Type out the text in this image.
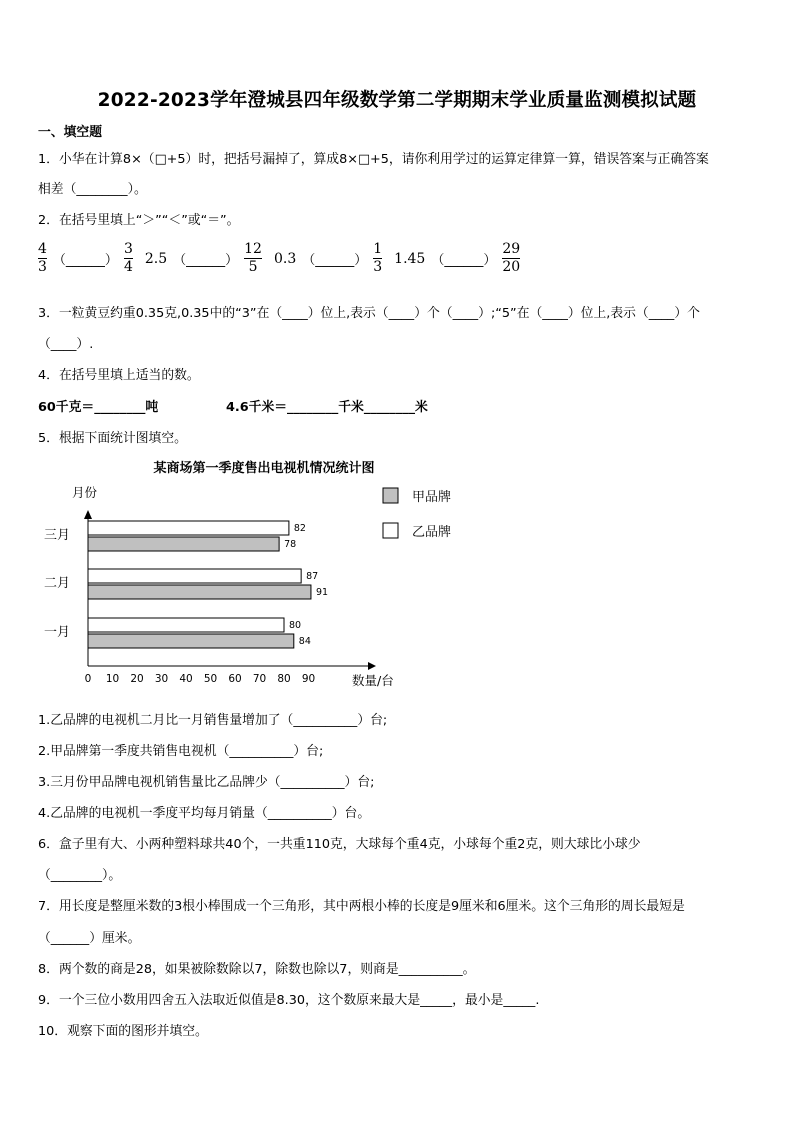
2022-2023学年澄城县四年级数学第二学期期末学业质量监测模拟试题
一、填空题
1．小华在计算8×（□+5）时，把括号漏掉了，算成8×□+5，请你利用学过的运算定律算一算，错误答案与正确答案
相差（________）。
2．在括号里填上“＞”“＜”或“＝”。
$\frac{4}{3}$ （______） $\frac{3}{4} 2.5$ （______） $\frac{12}{5} 0.3$ （______） $\frac{1}{3} 1.45$ （______） $\frac{29}{20}$
3．一粒黄豆约重0.35克,0.35中的“3”在（____）位上,表示（____）个（____）;“5”在（____）位上,表示（____）个
（____）.
4．在括号里填上适当的数。
60千克＝________吨	4.6千米＝________千米________米
5．根据下面统计图填空。
某商场第一季度售出电视机情况统计图
月份
数量/台
0 10 20 30 40 50 60 70 80 90
三月	82
78
二月	87
91
一月	80
84
甲品牌
乙品牌
1.乙品牌的电视机二月比一月销售量增加了（__________）台;
2.甲品牌第一季度共销售电视机（__________）台;
3.三月份甲品牌电视机销售量比乙品牌少（__________）台;
4.乙品牌的电视机一季度平均每月销量（__________）台。
6．盒子里有大、小两种塑料球共40个，一共重110克，大球每个重4克，小球每个重2克，则大球比小球少
（________）。
7．用长度是整厘米数的3根小棒围成一个三角形，其中两根小棒的长度是9厘米和6厘米。这个三角形的周长最短是
（______）厘米。
8．两个数的商是28，如果被除数除以7，除数也除以7，则商是__________。
9．一个三位小数用四舍五入法取近似值是8.30，这个数原来最大是_____，最小是_____.
10．观察下面的图形并填空。
